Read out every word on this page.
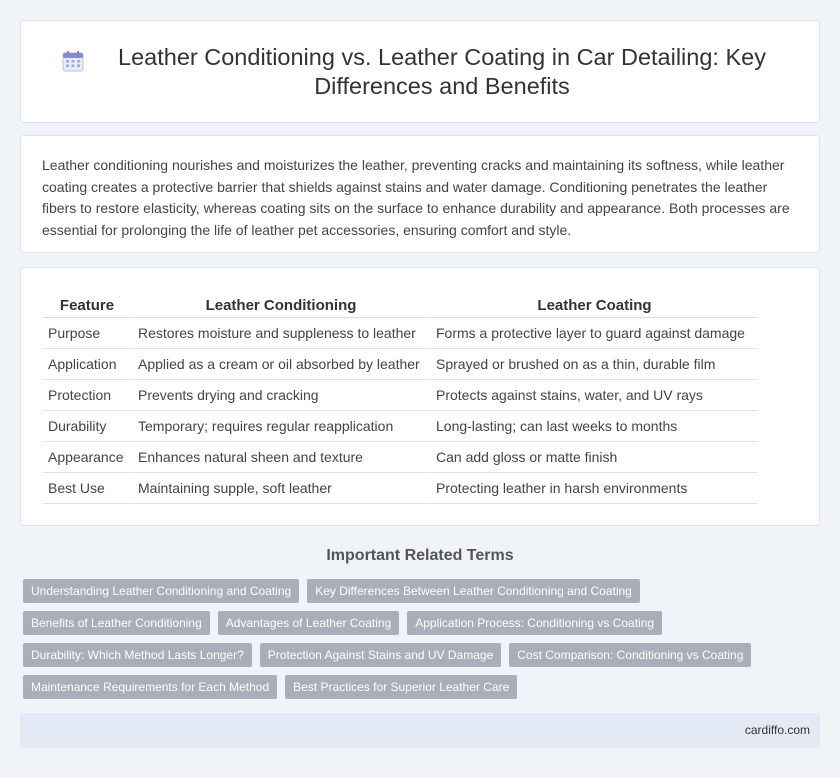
Leather Conditioning vs. Leather Coating in Car Detailing: Key Differences and Benefits

Leather conditioning nourishes and moisturizes the leather, preventing cracks and maintaining its softness, while leather coating creates a protective barrier that shields against stains and water damage. Conditioning penetrates the leather fibers to restore elasticity, whereas coating sits on the surface to enhance durability and appearance. Both processes are essential for prolonging the life of leather pet accessories, ensuring comfort and style.

Feature	Leather Conditioning	Leather Coating
Purpose	Restores moisture and suppleness to leather	Forms a protective layer to guard against damage
Application	Applied as a cream or oil absorbed by leather	Sprayed or brushed on as a thin, durable film
Protection	Prevents drying and cracking	Protects against stains, water, and UV rays
Durability	Temporary; requires regular reapplication	Long-lasting; can last weeks to months
Appearance	Enhances natural sheen and texture	Can add gloss or matte finish
Best Use	Maintaining supple, soft leather	Protecting leather in harsh environments
Important Related Terms
Understanding Leather Conditioning and Coating	Key Differences Between Leather Conditioning and Coating
Benefits of Leather Conditioning	Advantages of Leather Coating	Application Process: Conditioning vs Coating
Durability: Which Method Lasts Longer?	Protection Against Stains and UV Damage	Cost Comparison: Conditioning vs Coating
Maintenance Requirements for Each Method	Best Practices for Superior Leather Care
cardiffo.com
